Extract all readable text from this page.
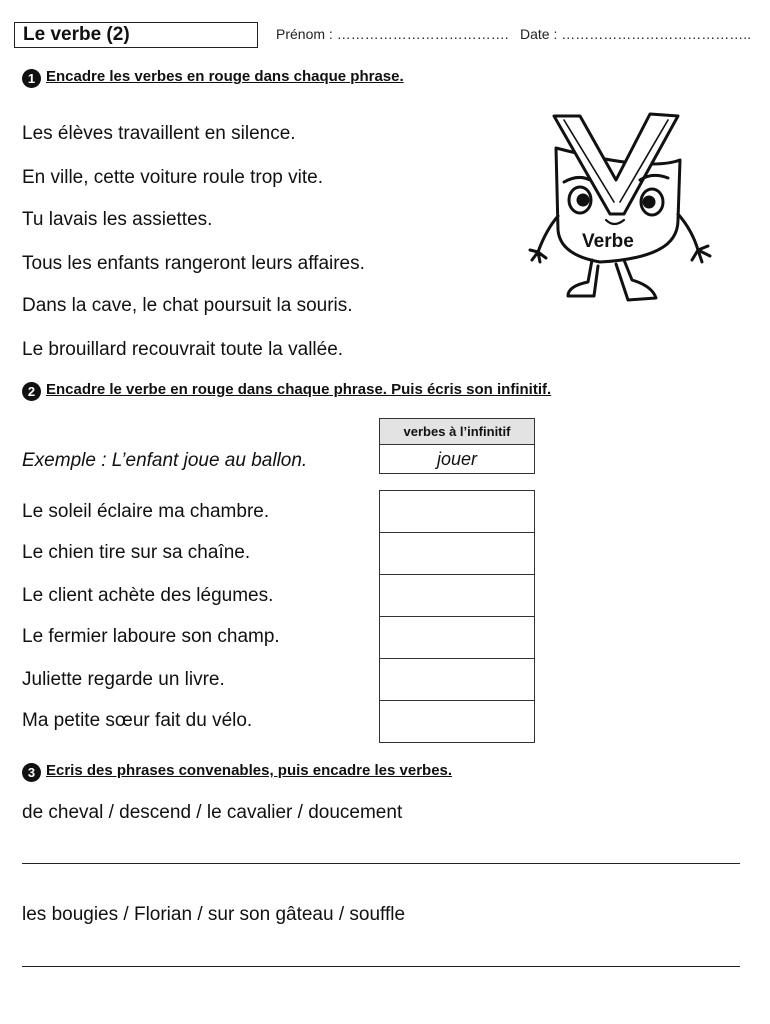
Le verbe (2)	Prénom : ………………………………. Date : …………………………………..
1 Encadre les verbes en rouge dans chaque phrase.
Les élèves travaillent en silence.
En ville, cette voiture roule trop vite.
Tu lavais les assiettes.
Tous les enfants rangeront leurs affaires.
Dans la cave, le chat poursuit la souris.
Le brouillard recouvrait toute la vallée.
Verbe
2 Encadre le verbe en rouge dans chaque phrase. Puis écris son infinitif.
verbes à l’infinitif
Exemple : L’enfant joue au ballon.	jouer
Le soleil éclaire ma chambre.
Le chien tire sur sa chaîne.
Le client achète des légumes.
Le fermier laboure son champ.
Juliette regarde un livre.
Ma petite sœur fait du vélo.
3 Ecris des phrases convenables, puis encadre les verbes.
de cheval / descend / le cavalier / doucement
les bougies / Florian / sur son gâteau / souffle
